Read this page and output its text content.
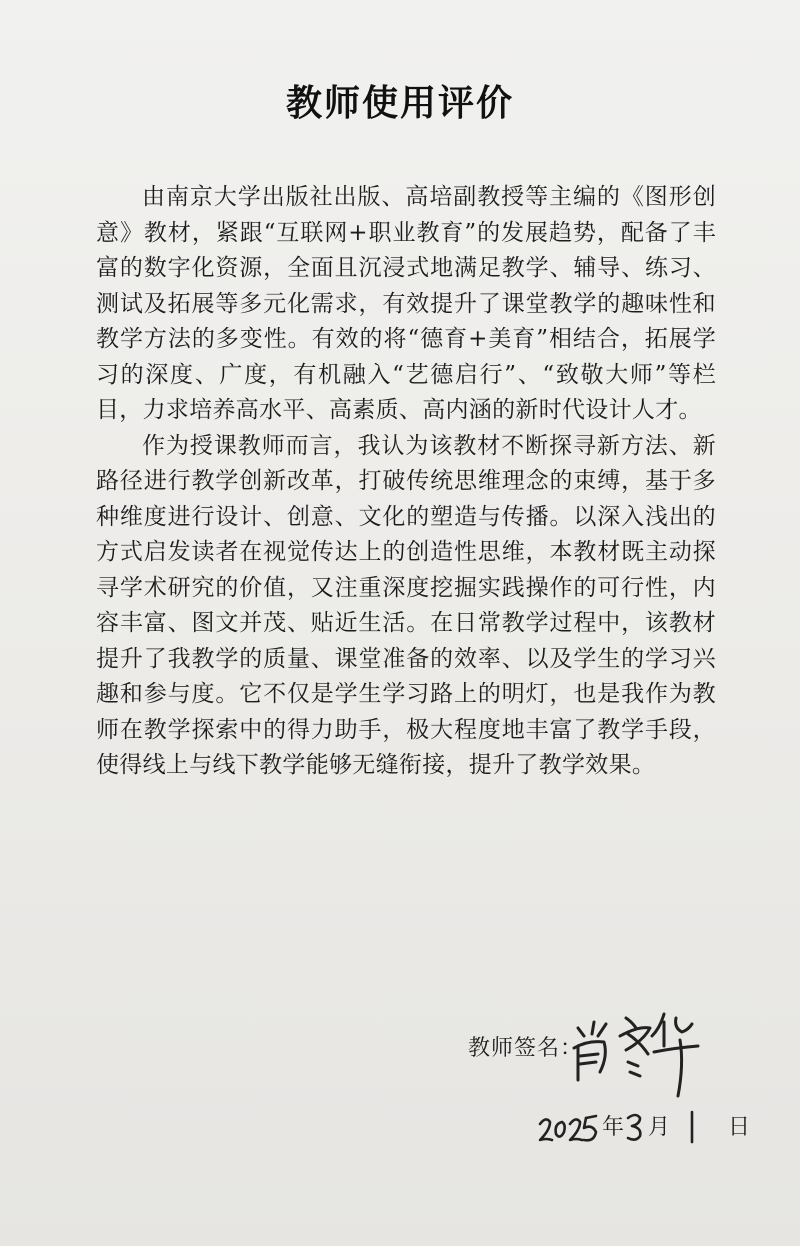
教师使用评价

由南京大学出版社出版、高培副教授等主编的《图形创意》教材，紧跟“互联网+职业教育”的发展趋势，配备了丰富的数字化资源，全面且沉浸式地满足教学、辅导、练习、测试及拓展等多元化需求，有效提升了课堂教学的趣味性和教学方法的多变性。有效的将“德育+美育”相结合，拓展学习的深度、广度，有机融入“艺德启行”、“致敬大师”等栏目，力求培养高水平、高素质、高内涵的新时代设计人才。

作为授课教师而言，我认为该教材不断探寻新方法、新路径进行教学创新改革，打破传统思维理念的束缚，基于多种维度进行设计、创意、文化的塑造与传播。以深入浅出的方式启发读者在视觉传达上的创造性思维，本教材既主动探寻学术研究的价值，又注重深度挖掘实践操作的可行性，内容丰富、图文并茂、贴近生活。在日常教学过程中，该教材提升了我教学的质量、课堂准备的效率、以及学生的学习兴趣和参与度。它不仅是学生学习路上的明灯，也是我作为教师在教学探索中的得力助手，极大程度地丰富了教学手段，使得线上与线下教学能够无缝衔接，提升了教学效果。

教师签名：
年 月	日
